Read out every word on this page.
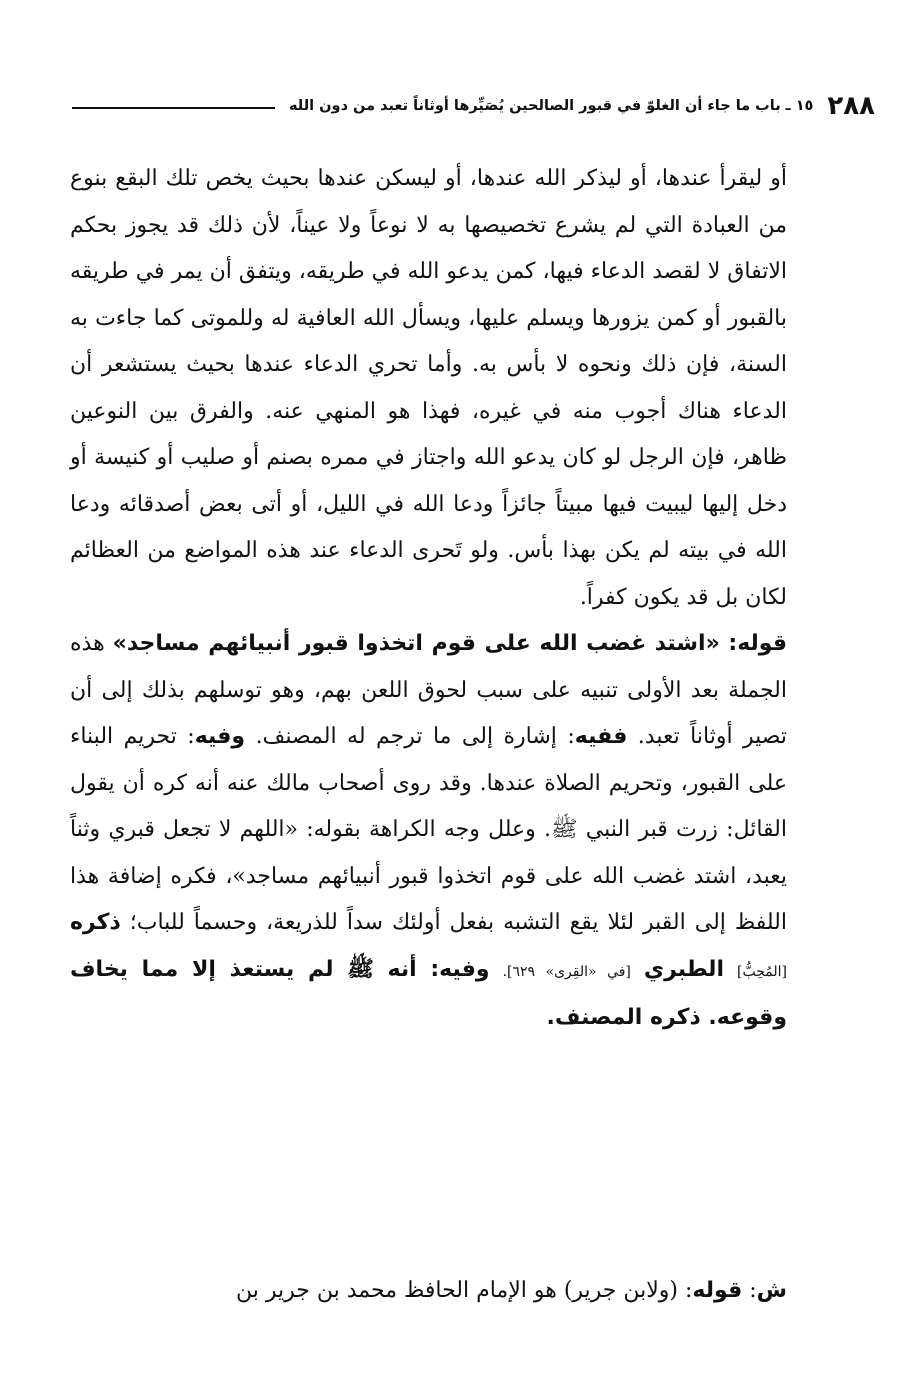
٢٨٨
١٥ ـ باب ما جاء أن الغلوّ في قبور الصالحين يُصَيِّرها أوثاناً تعبد من دون الله

أو ليقرأ عندها، أو ليذكر الله عندها، أو ليسكن عندها بحيث يخص تلك البقع بنوع من العبادة التي لم يشرع تخصيصها به لا نوعاً ولا عيناً، لأن ذلك قد يجوز بحكم الاتفاق لا لقصد الدعاء فيها، كمن يدعو الله في طريقه، ويتفق أن يمر في طريقه بالقبور أو كمن يزورها ويسلم عليها، ويسأل الله العافية له وللموتى كما جاءت به السنة، فإن ذلك ونحوه لا بأس به. وأما تحري الدعاء عندها بحيث يستشعر أن الدعاء هناك أجوب منه في غيره، فهذا هو المنهي عنه. والفرق بين النوعين ظاهر، فإن الرجل لو كان يدعو الله واجتاز في ممره بصنم أو صليب أو كنيسة أو دخل إليها ليبيت فيها مبيتاً جائزاً ودعا الله في الليل، أو أتى بعض أصدقائه ودعا الله في بيته لم يكن بهذا بأس. ولو تَحرى الدعاء عند هذه المواضع من العظائم لكان بل قد يكون كفراً.

قوله: «اشتد غضب الله على قوم اتخذوا قبور أنبيائهم مساجد» هذه الجملة بعد الأولى تنبيه على سبب لحوق اللعن بهم، وهو توسلهم بذلك إلى أن تصير أوثاناً تعبد. ففيه: إشارة إلى ما ترجم له المصنف. وفيه: تحريم البناء على القبور، وتحريم الصلاة عندها. وقد روى أصحاب مالك عنه أنه كره أن يقول القائل: زرت قبر النبي ﷺ. وعلل وجه الكراهة بقوله: «اللهم لا تجعل قبري وثناً يعبد، اشتد غضب الله على قوم اتخذوا قبور أنبيائهم مساجد»، فكره إضافة هذا اللفظ إلى القبر لئلا يقع التشبه بفعل أولئك سداً للذريعة، وحسماً للباب؛ ذكره [المُحِبُّ] الطبري [في «القِرى» ٦٢٩]. وفيه: أنه ﷺ لم يستعذ إلا مما يخاف وقوعه. ذكره المصنف.

ش: قوله: (ولابن جرير) هو الإمام الحافظ محمد بن جرير بن
